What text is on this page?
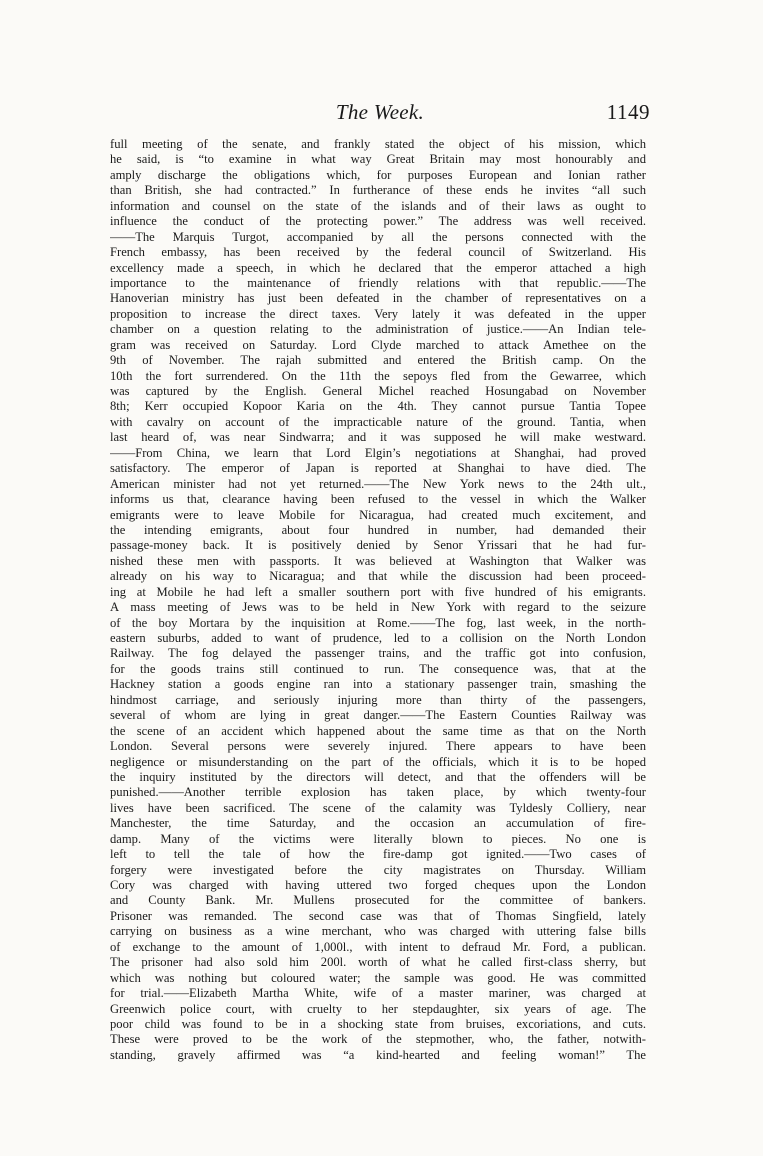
The Week.	1149
full meeting of the senate, and frankly stated the object of his mission, which
he said, is “to examine in what way Great Britain may most honourably and
amply discharge the obligations which, for purposes European and Ionian rather
than British, she had contracted.” In furtherance of these ends he invites “all such
information and counsel on the state of the islands and of their laws as ought to
influence the conduct of the protecting power.” The address was well received.
——The Marquis Turgot, accompanied by all the persons connected with the
French embassy, has been received by the federal council of Switzerland. His
excellency made a speech, in which he declared that the emperor attached a high
importance to the maintenance of friendly relations with that republic.——The
Hanoverian ministry has just been defeated in the chamber of representatives on a
proposition to increase the direct taxes. Very lately it was defeated in the upper
chamber on a question relating to the administration of justice.——An Indian tele-
gram was received on Saturday. Lord Clyde marched to attack Amethee on the
9th of November. The rajah submitted and entered the British camp. On the
10th the fort surrendered. On the 11th the sepoys fled from the Gewarree, which
was captured by the English. General Michel reached Hosungabad on November
8th; Kerr occupied Kopoor Karia on the 4th. They cannot pursue Tantia Topee
with cavalry on account of the impracticable nature of the ground. Tantia, when
last heard of, was near Sindwarra; and it was supposed he will make westward.
——From China, we learn that Lord Elgin’s negotiations at Shanghai, had proved
satisfactory. The emperor of Japan is reported at Shanghai to have died. The
American minister had not yet returned.——The New York news to the 24th ult.,
informs us that, clearance having been refused to the vessel in which the Walker
emigrants were to leave Mobile for Nicaragua, had created much excitement, and
the intending emigrants, about four hundred in number, had demanded their
passage-money back. It is positively denied by Senor Yrissari that he had fur-
nished these men with passports. It was believed at Washington that Walker was
already on his way to Nicaragua; and that while the discussion had been proceed-
ing at Mobile he had left a smaller southern port with five hundred of his emigrants.
A mass meeting of Jews was to be held in New York with regard to the seizure
of the boy Mortara by the inquisition at Rome.——The fog, last week, in the north-
eastern suburbs, added to want of prudence, led to a collision on the North London
Railway. The fog delayed the passenger trains, and the traffic got into confusion,
for the goods trains still continued to run. The consequence was, that at the
Hackney station a goods engine ran into a stationary passenger train, smashing the
hindmost carriage, and seriously injuring more than thirty of the passengers,
several of whom are lying in great danger.——The Eastern Counties Railway was
the scene of an accident which happened about the same time as that on the North
London. Several persons were severely injured. There appears to have been
negligence or misunderstanding on the part of the officials, which it is to be hoped
the inquiry instituted by the directors will detect, and that the offenders will be
punished.——Another terrible explosion has taken place, by which twenty-four
lives have been sacrificed. The scene of the calamity was Tyldesly Colliery, near
Manchester, the time Saturday, and the occasion an accumulation of fire-
damp. Many of the victims were literally blown to pieces. No one is
left to tell the tale of how the fire-damp got ignited.——Two cases of
forgery were investigated before the city magistrates on Thursday. William
Cory was charged with having uttered two forged cheques upon the London
and County Bank. Mr. Mullens prosecuted for the committee of bankers.
Prisoner was remanded. The second case was that of Thomas Singfield, lately
carrying on business as a wine merchant, who was charged with uttering false bills
of exchange to the amount of 1,000l., with intent to defraud Mr. Ford, a publican.
The prisoner had also sold him 200l. worth of what he called first-class sherry, but
which was nothing but coloured water; the sample was good. He was committed
for trial.——Elizabeth Martha White, wife of a master mariner, was charged at
Greenwich police court, with cruelty to her stepdaughter, six years of age. The
poor child was found to be in a shocking state from bruises, excoriations, and cuts.
These were proved to be the work of the stepmother, who, the father, notwith-
standing, gravely affirmed was “a kind-hearted and feeling woman!” The
